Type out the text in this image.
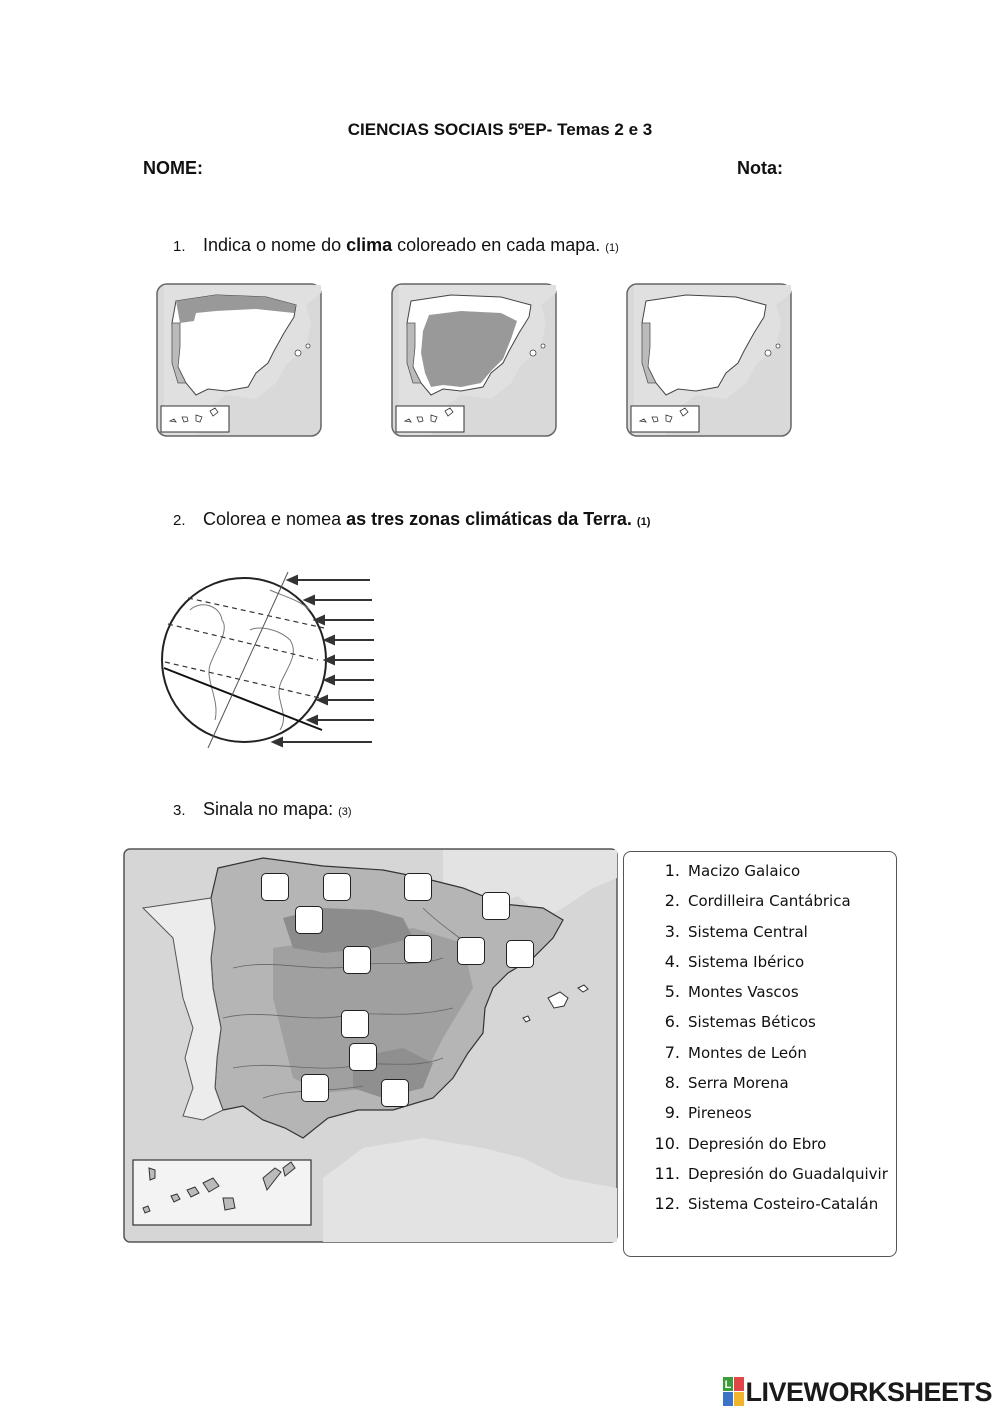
CIENCIAS SOCIAIS 5ºEP- Temas 2 e 3
NOME:	Nota:
1. Indica o nome do clima coloreado en cada mapa. (1)
2. Colorea e nomea as tres zonas climáticas da Terra. (1)
3. Sinala no mapa: (3)
1. Macizo Galaico
2. Cordilleira Cantábrica
3. Sistema Central
4. Sistema Ibérico
5. Montes Vascos
6. Sistemas Béticos
7. Montes de León
8. Serra Morena
9. Pireneos
10. Depresión do Ebro
11. Depresión do Guadalquivir
12. Sistema Costeiro-Catalán
L LIVEWORKSHEETS
